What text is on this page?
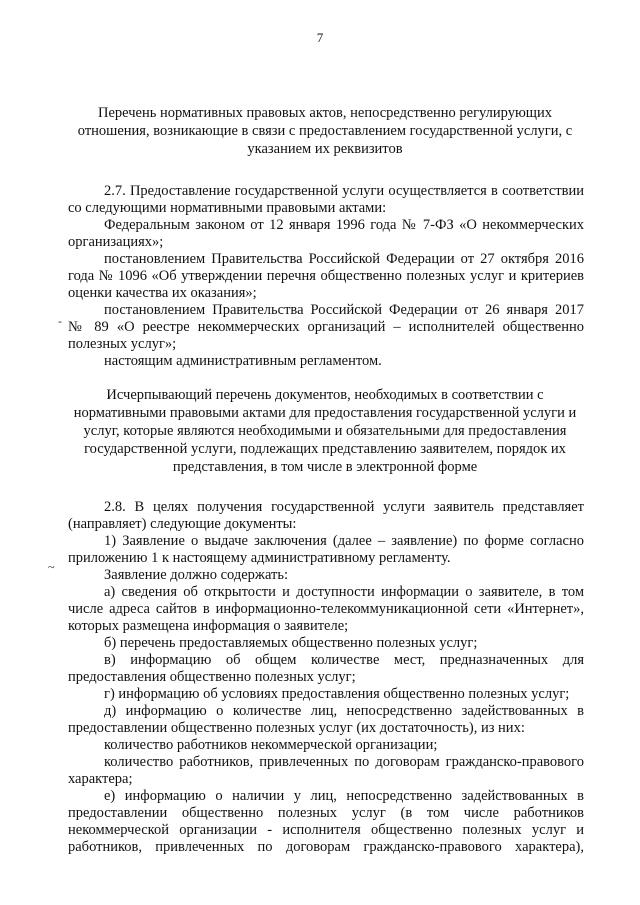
7
Перечень нормативных правовых актов, непосредственно регулирующих
отношения, возникающие в связи с предоставлением государственной услуги, с
указанием их реквизитов
2.7. Предоставление государственной услуги осуществляется в соответствии
со следующими нормативными правовыми актами:
Федеральным законом от 12 января 1996 года № 7-ФЗ «О некоммерческих
организациях»;
постановлением Правительства Российской Федерации от 27 октября 2016
года № 1096 «Об утверждении перечня общественно полезных услуг и критериев
оценки качества их оказания»;
постановлением Правительства Российской Федерации от 26 января 2017
№ 89 «О реестре некоммерческих организаций – исполнителей общественно
полезных услуг»;
настоящим административным регламентом.
-
Исчерпывающий перечень документов, необходимых в соответствии с
нормативными правовыми актами для предоставления государственной услуги и
услуг, которые являются необходимыми и обязательными для предоставления
государственной услуги, подлежащих представлению заявителем, порядок их
представления, в том числе в электронной форме
2.8. В целях получения государственной услуги заявитель представляет
(направляет) следующие документы:
1) Заявление о выдаче заключения (далее – заявление) по форме согласно
приложению 1 к настоящему административному регламенту.
Заявление должно содержать:
а) сведения об открытости и доступности информации о заявителе, в том
числе адреса сайтов в информационно-телекоммуникационной сети «Интернет»,
которых размещена информация о заявителе;
б) перечень предоставляемых общественно полезных услуг;
в) информацию об общем количестве мест, предназначенных для
предоставления общественно полезных услуг;
г) информацию об условиях предоставления общественно полезных услуг;
д) информацию о количестве лиц, непосредственно задействованных в
предоставлении общественно полезных услуг (их достаточность), из них:
количество работников некоммерческой организации;
количество работников, привлеченных по договорам гражданско-правового
характера;
е) информацию о наличии у лиц, непосредственно задействованных в
предоставлении общественно полезных услуг (в том числе работников
некоммерческой организации - исполнителя общественно полезных услуг и
работников, привлеченных по договорам гражданско-правового характера),
~
